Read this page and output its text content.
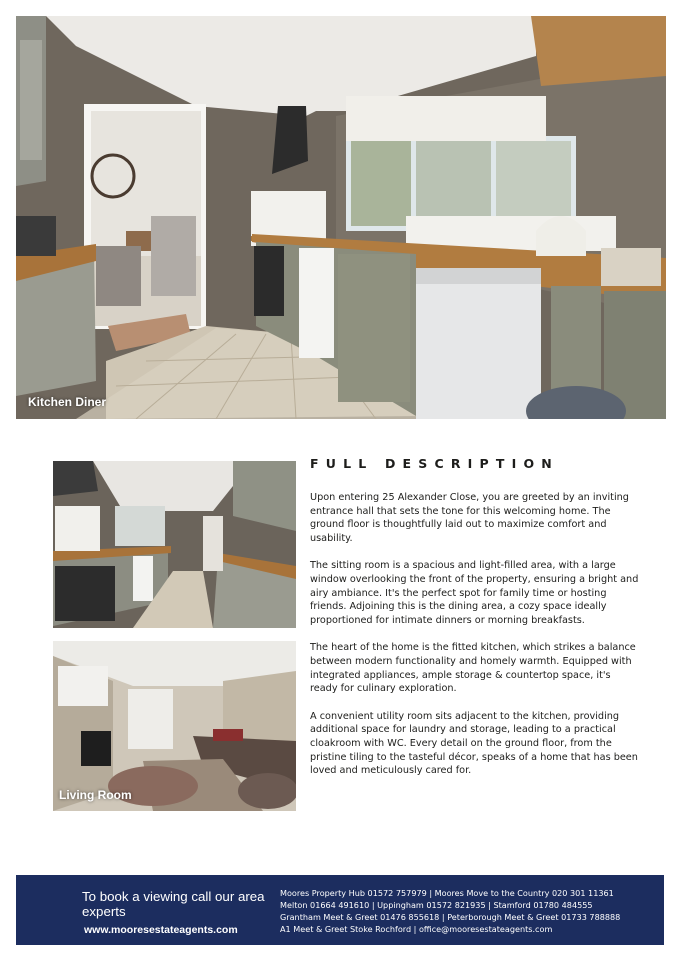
Kitchen Diner
Living Room
FULL DESCRIPTION

Upon entering 25 Alexander Close, you are greeted by an inviting entrance hall that sets the tone for this welcoming home. The ground floor is thoughtfully laid out to maximize comfort and usability.

The sitting room is a spacious and light-filled area, with a large window overlooking the front of the property, ensuring a bright and airy ambiance. It's the perfect spot for family time or hosting friends. Adjoining this is the dining area, a cozy space ideally proportioned for intimate dinners or morning breakfasts.

The heart of the home is the fitted kitchen, which strikes a balance between modern functionality and homely warmth. Equipped with integrated appliances, ample storage & countertop space, it's ready for culinary exploration.

A convenient utility room sits adjacent to the kitchen, providing additional space for laundry and storage, leading to a practical cloakroom with WC. Every detail on the ground floor, from the pristine tiling to the tasteful décor, speaks of a home that has been loved and meticulously cared for.

To book a viewing call our area experts
www.mooresestateagents.com
Moores Property Hub 01572 757979 | Moores Move to the Country 020 301 11361
Melton 01664 491610 | Uppingham 01572 821935 | Stamford 01780 484555
Grantham Meet & Greet 01476 855618 | Peterborough Meet & Greet 01733 788888
A1 Meet & Greet Stoke Rochford | office@mooresestateagents.com
